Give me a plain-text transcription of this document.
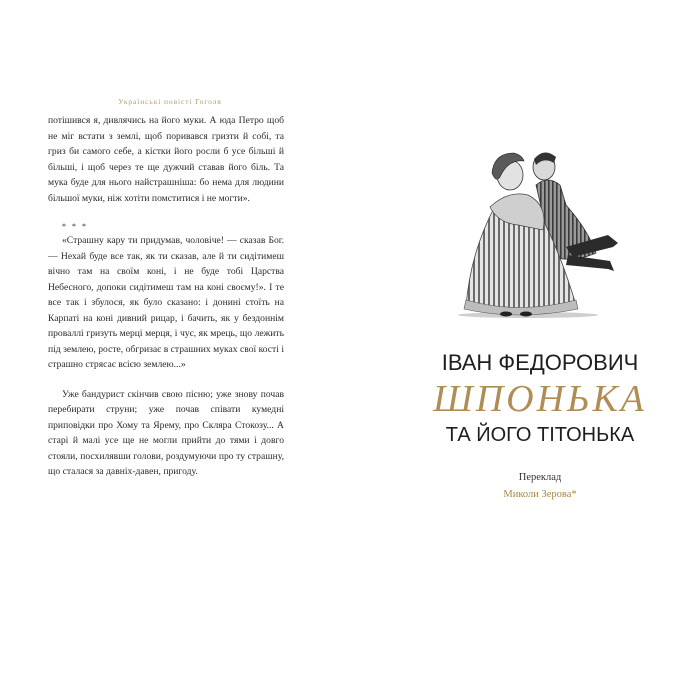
Українські повісті Гоголя

потішився я, дивлячись на його муки. А юда Петро щоб не міг встати з землі, щоб поривався гризти й собі, та гриз би самого себе, а кістки його росли б усе більші й більші, і щоб через те ще дужчий ставав його біль. Та мука буде для нього найстрашніша: бо нема для людини більшої муки, ніж хотіти помститися і не могти».

* * *

«Страшну кару ти придумав, чоловіче! — сказав Бог. — Нехай буде все так, як ти сказав, але й ти сидітимеш вічно там на своїм коні, і не буде тобі Царства Небесного, допоки сидітимеш там на коні своєму!». І те все так і збулося, як було сказано: і донині стоїть на Карпаті на коні дивний рицар, і бачить, як у бездоннім проваллі гризуть мерці мерця, і чує, як мрець, що лежить під землею, росте, обгризає в страшних муках свої кості і страшно стрясає всією землею...»

Уже бандурист скінчив свою пісню; уже знову почав перебирати струни; уже почав співати кумедні приповідки про Хому та Ярему, про Скляра Стокозу... А старі й малі усе ще не могли прийти до тями і довго стояли, посхилявши голови, роздумуючи про ту страшну, що сталася за давніх-давен, пригоду.

ІВАН ФЕДОРОВИЧ
ШПОНЬКА
ТА ЙОГО ТІТОНЬКА
Переклад
Миколи Зерова*
